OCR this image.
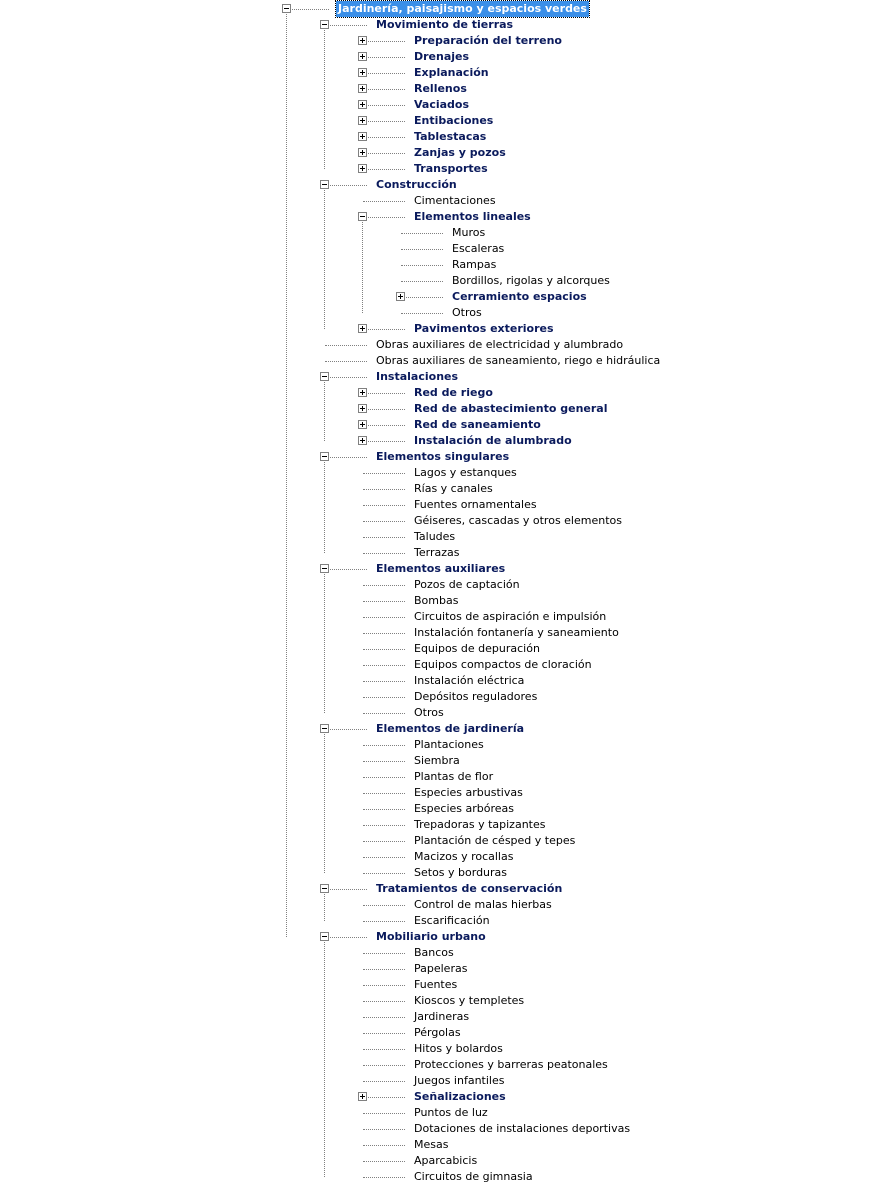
Jardinería, paisajismo y espacios verdes
Movimiento de tierras
Preparación del terreno
Drenajes
Explanación
Rellenos
Vaciados
Entibaciones
Tablestacas
Zanjas y pozos
Transportes
Construcción
Cimentaciones
Elementos lineales
Muros
Escaleras
Rampas
Bordillos, rigolas y alcorques
Cerramiento espacios
Otros
Pavimentos exteriores
Obras auxiliares de electricidad y alumbrado
Obras auxiliares de saneamiento, riego e hidráulica
Instalaciones
Red de riego
Red de abastecimiento general
Red de saneamiento
Instalación de alumbrado
Elementos singulares
Lagos y estanques
Rías y canales
Fuentes ornamentales
Géiseres, cascadas y otros elementos
Taludes
Terrazas
Elementos auxiliares
Pozos de captación
Bombas
Circuitos de aspiración e impulsión
Instalación fontanería y saneamiento
Equipos de depuración
Equipos compactos de cloración
Instalación eléctrica
Depósitos reguladores
Otros
Elementos de jardinería
Plantaciones
Siembra
Plantas de flor
Especies arbustivas
Especies arbóreas
Trepadoras y tapizantes
Plantación de césped y tepes
Macizos y rocallas
Setos y borduras
Tratamientos de conservación
Control de malas hierbas
Escarificación
Mobiliario urbano
Bancos
Papeleras
Fuentes
Kioscos y templetes
Jardineras
Pérgolas
Hitos y bolardos
Protecciones y barreras peatonales
Juegos infantiles
Señalizaciones
Puntos de luz
Dotaciones de instalaciones deportivas
Mesas
Aparcabicis
Circuitos de gimnasia
